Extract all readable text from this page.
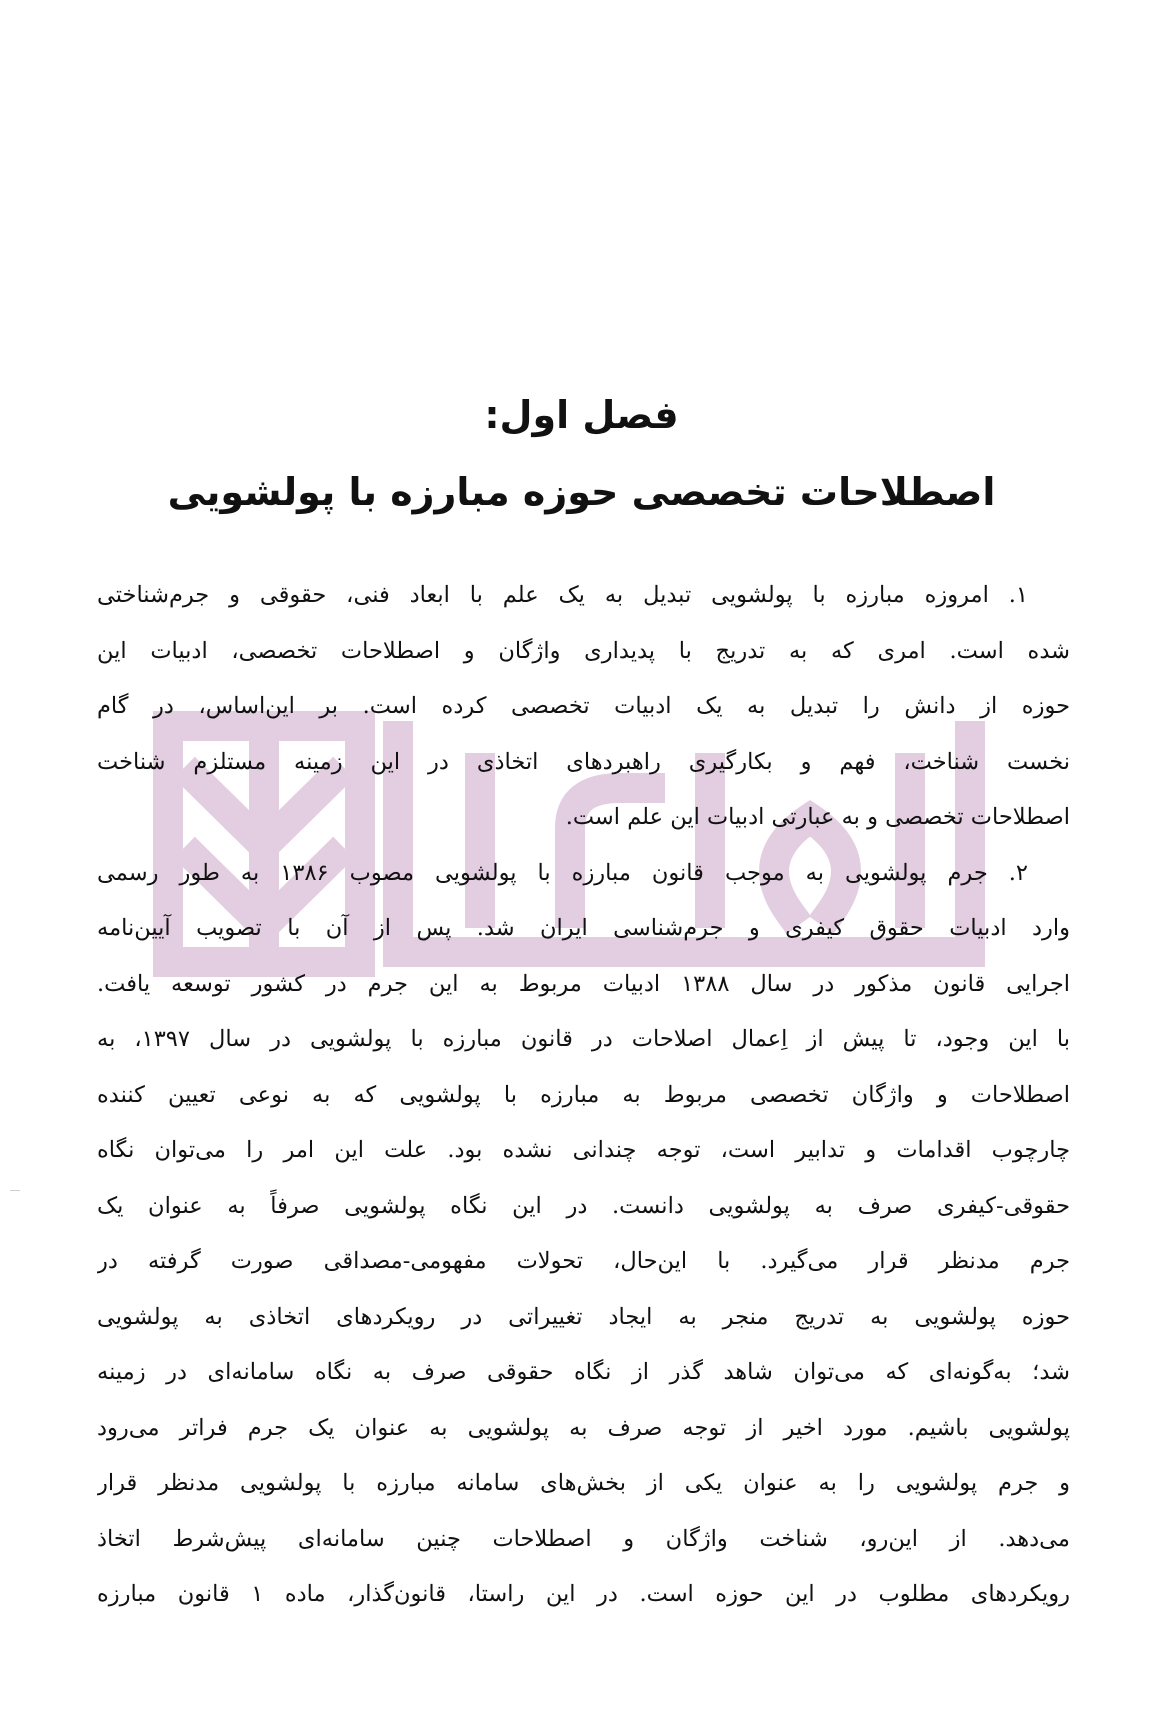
فصل اول:
اصطلاحات تخصصی حوزه مبارزه با پولشویی
۱. امروزه مبارزه با پولشویی تبدیل به یک علم با ابعاد فنی، حقوقی و جرم‌شناختی
شده است. امری که به تدریج با پدیداری واژگان و اصطلاحات تخصصی، ادبیات این
حوزه از دانش را تبدیل به یک ادبیات تخصصی کرده است. بر این‌اساس، در گام
نخست شناخت، فهم و بکارگیری راهبردهای اتخاذی در این زمینه مستلزم شناخت
اصطلاحات تخصصی و به عبارتی ادبیات این علم است.
۲. جرم پولشویی به موجب قانون مبارزه با پولشویی مصوب ۱۳۸۶ به طور رسمی
وارد ادبیات حقوق کیفری و جرم‌شناسی ایران شد. پس از آن با تصویب آیین‌نامه
اجرایی قانون مذکور در سال ۱۳۸۸ ادبیات مربوط به این جرم در کشور توسعه یافت.
با این وجود، تا پیش از اِعمال اصلاحات در قانون مبارزه با پولشویی در سال ۱۳۹۷، به
اصطلاحات و واژگان تخصصی مربوط به مبارزه با پولشویی که به نوعی تعیین کننده
چارچوب اقدامات و تدابیر است، توجه چندانی نشده بود. علت این امر را می‌توان نگاه
حقوقی-کیفری صرف به پولشویی دانست. در این نگاه پولشویی صرفاً به عنوان یک
جرم مدنظر قرار می‌گیرد. با این‌حال، تحولات مفهومی-مصداقی صورت گرفته در
حوزه پولشویی به تدریج منجر به ایجاد تغییراتی در رویکردهای اتخاذی به پولشویی
شد؛ به‌گونه‌ای که می‌توان شاهد گذر از نگاه حقوقی صرف به نگاه سامانه‌ای در زمینه
پولشویی باشیم. مورد اخیر از توجه صرف به پولشویی به عنوان یک جرم فراتر می‌رود
و جرم پولشویی را به عنوان یکی از بخش‌های سامانه مبارزه با پولشویی مدنظر قرار
می‌دهد. از این‌رو، شناخت واژگان و اصطلاحات چنین سامانه‌ای پیش‌شرط اتخاذ
رویکردهای مطلوب در این حوزه است. در این راستا، قانون‌گذار، ماده ۱ قانون مبارزه
